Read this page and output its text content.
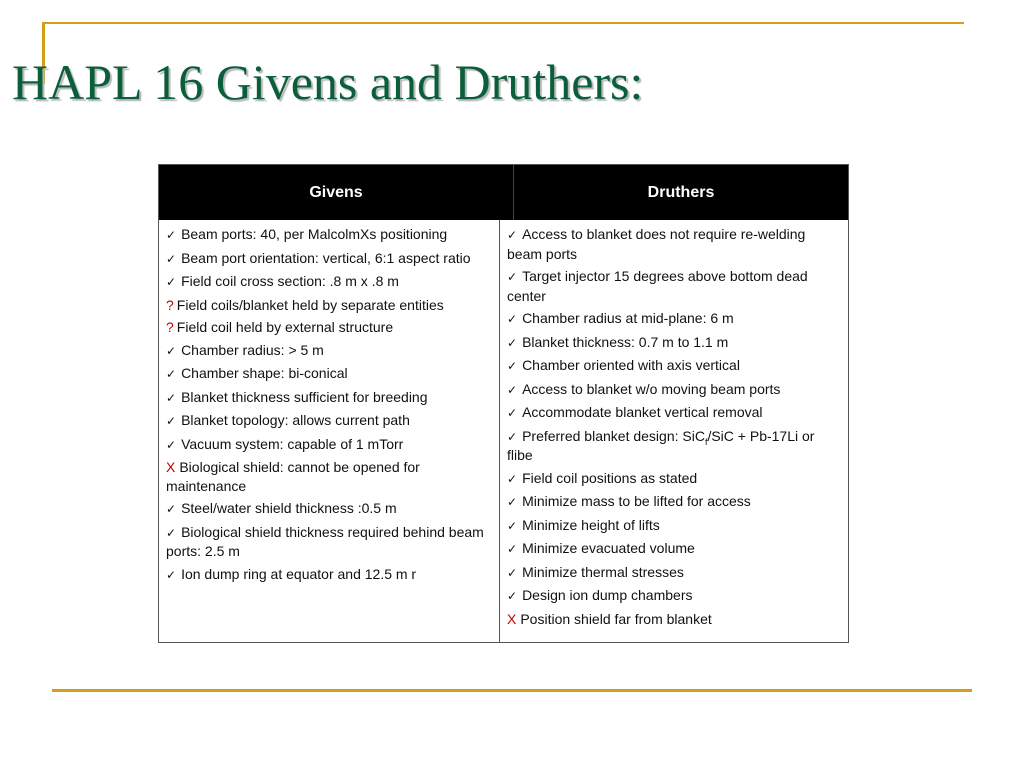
HAPL 16 Givens and Druthers:
Givens	Druthers
✓ Beam ports: 40, per MalcolmXs positioning
✓ Beam port orientation: vertical, 6:1 aspect ratio
✓ Field coil cross section: .8 m x .8 m
? Field coils/blanket held by separate entities
? Field coil held by external structure
✓ Chamber radius: > 5 m
✓ Chamber shape: bi-conical
✓ Blanket thickness sufficient for breeding
✓ Blanket topology: allows current path
✓ Vacuum system: capable of 1 mTorr
X Biological shield: cannot be opened for maintenance
✓ Steel/water shield thickness :0.5 m
✓ Biological shield thickness required behind beam ports: 2.5 m
✓ Ion dump ring at equator and 12.5 m r
✓ Access to blanket does not require re-welding beam ports
✓ Target injector 15 degrees above bottom dead center
✓ Chamber radius at mid-plane: 6 m
✓ Blanket thickness: 0.7 m to 1.1 m
✓ Chamber oriented with axis vertical
✓ Access to blanket w/o moving beam ports
✓ Accommodate blanket vertical removal
✓ Preferred blanket design: SiC$_f$/SiC + Pb-17Li or flibe
✓ Field coil positions as stated
✓ Minimize mass to be lifted for access
✓ Minimize height of lifts
✓ Minimize evacuated volume
✓ Minimize thermal stresses
✓ Design ion dump chambers
X Position shield far from blanket
